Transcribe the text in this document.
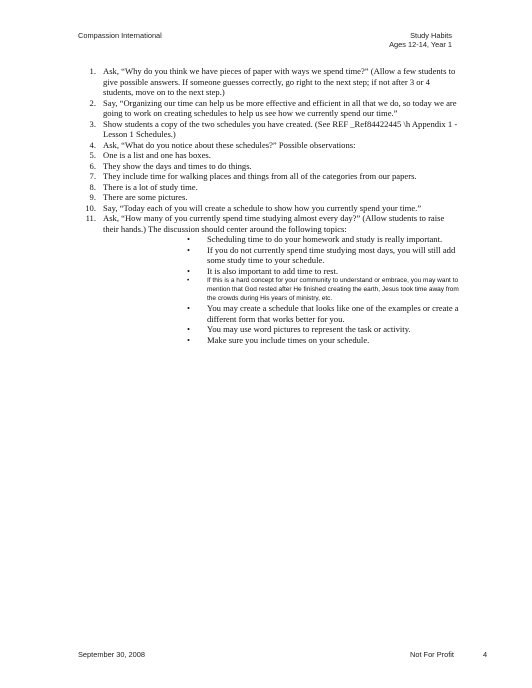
Compassion International	Study Habits
Ages 12-14, Year 1
1. Ask, “Why do you think we have pieces of paper with ways we spend time?” (Allow a few students to give possible answers. If someone guesses correctly, go right to the next step; if not after 3 or 4 students, move on to the next step.)
2. Say, “Organizing our time can help us be more effective and efficient in all that we do, so today we are going to work on creating schedules to help us see how we currently spend our time.”
3. Show students a copy of the two schedules you have created. (See REF _Ref84422445 \h Appendix 1 - Lesson 1 Schedules.)
4. Ask, “What do you notice about these schedules?” Possible observations:
5. One is a list and one has boxes.
6. They show the days and times to do things.
7. They include time for walking places and things from all of the categories from our papers.
8. There is a lot of study time.
9. There are some pictures.
10. Say, “Today each of you will create a schedule to show how you currently spend your time.”
11. Ask, “How many of you currently spend time studying almost every day?” (Allow students to raise their hands.) The discussion should center around the following topics:
•	Scheduling time to do your homework and study is really important.
•	If you do not currently spend time studying most days, you will still add some study time to your schedule.
•	It is also important to add time to rest.
•	If this is a hard concept for your community to understand or embrace, you may want to mention that God rested after He finished creating the earth, Jesus took time away from the crowds during His years of ministry, etc.
•	You may create a schedule that looks like one of the examples or create a different form that works better for you.
•	You may use word pictures to represent the task or activity.
•	Make sure you include times on your schedule.
September 30, 2008	Not For Profit	4
